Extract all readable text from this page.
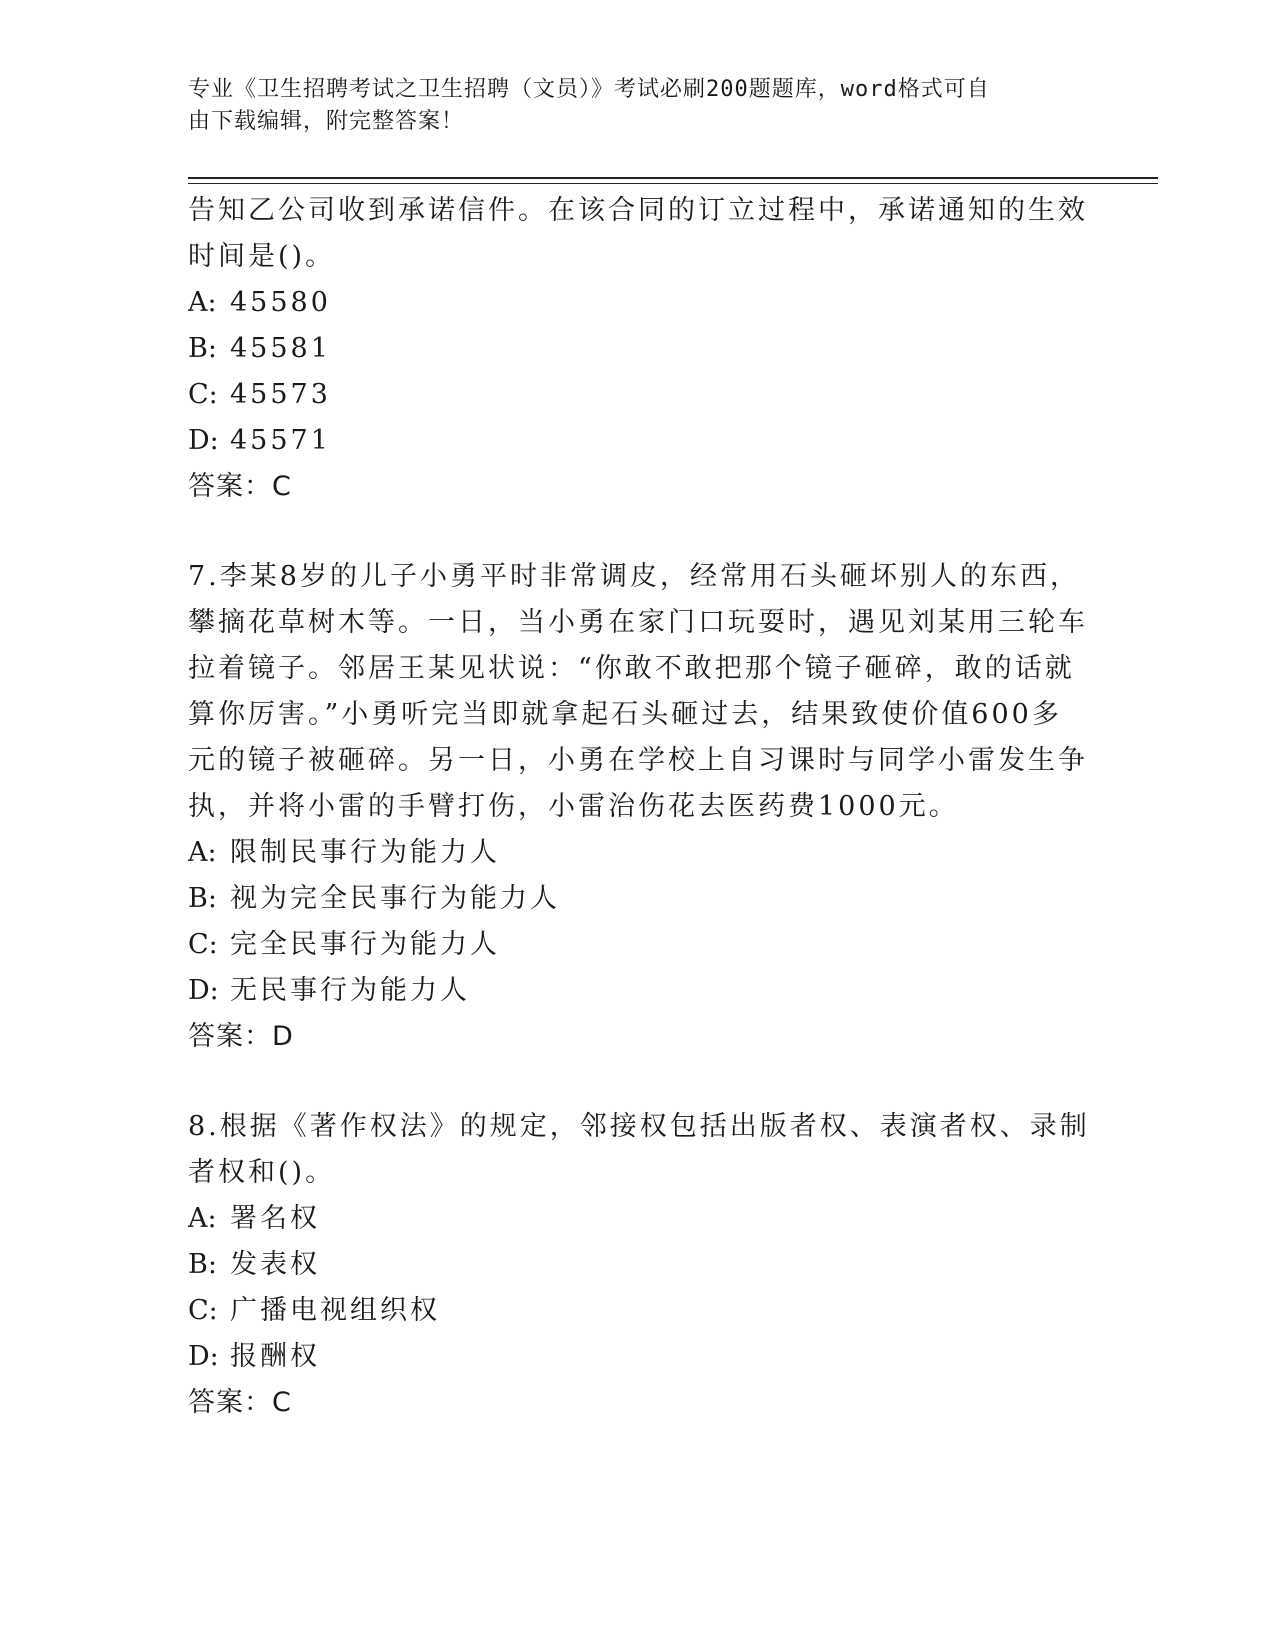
专业《卫生招聘考试之卫生招聘（文员）》考试必刷200题题库，word格式可自
由下载编辑，附完整答案！
告知乙公司收到承诺信件。在该合同的订立过程中，承诺通知的生效
时间是()。
A: 45580
B: 45581
C: 45573
D: 45571
答案：C
7.李某8岁的儿子小勇平时非常调皮，经常用石头砸坏别人的东西，
攀摘花草树木等。一日，当小勇在家门口玩耍时，遇见刘某用三轮车
拉着镜子。邻居王某见状说：“你敢不敢把那个镜子砸碎，敢的话就
算你厉害。”小勇听完当即就拿起石头砸过去，结果致使价值600多
元的镜子被砸碎。另一日，小勇在学校上自习课时与同学小雷发生争
执，并将小雷的手臂打伤，小雷治伤花去医药费1000元。
A: 限制民事行为能力人
B: 视为完全民事行为能力人
C: 完全民事行为能力人
D: 无民事行为能力人
答案：D
8.根据《著作权法》的规定，邻接权包括出版者权、表演者权、录制
者权和()。
A: 署名权
B: 发表权
C: 广播电视组织权
D: 报酬权
答案：C
